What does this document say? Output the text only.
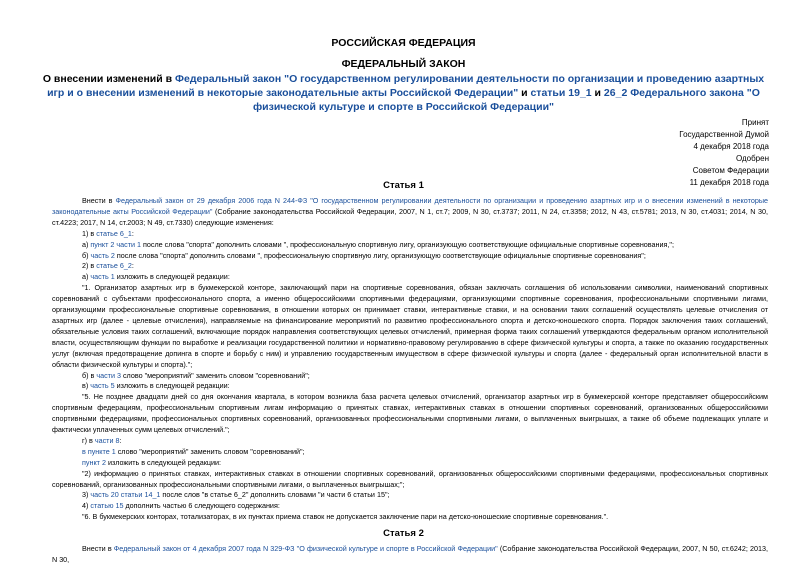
РОССИЙСКАЯ ФЕДЕРАЦИЯ
ФЕДЕРАЛЬНЫЙ ЗАКОН
О внесении изменений в Федеральный закон "О государственном регулировании деятельности по организации и проведению азартных игр и о внесении изменений в некоторые законодательные акты Российской Федерации" и статьи 19_1 и 26_2 Федерального закона "О физической культуре и спорте в Российской Федерации"
Принят
Государственной Думой
4 декабря 2018 года
Одобрен
Советом Федерации
11 декабря 2018 года
Статья 1

Внести в Федеральный закон от 29 декабря 2006 года N 244-ФЗ "О государственном регулировании деятельности по организации и проведению азартных игр и о внесении изменений в некоторые законодательные акты Российской Федерации" (Собрание законодательства Российской Федерации, 2007, N 1, ст.7; 2009, N 30, ст.3737; 2011, N 24, ст.3358; 2012, N 43, ст.5781; 2013, N 30, ст.4031; 2014, N 30, ст.4223; 2017, N 14, ст.2003; N 49, ст.7330) следующие изменения:

1) в статье 6_1:

а) пункт 2 части 1 после слова "спорта" дополнить словами ", профессиональную спортивную лигу, организующую соответствующие официальные спортивные соревнования,";

б) часть 2 после слова "спорта" дополнить словами ", профессиональную спортивную лигу, организующую соответствующие официальные спортивные соревнования";

2) в статье 6_2:

а) часть 1 изложить в следующей редакции:

"1. Организатор азартных игр в букмекерской конторе, заключающий пари на спортивные соревнования, обязан заключать соглашения об использовании символики, наименований спортивных соревнований с субъектами профессионального спорта, а именно общероссийскими спортивными федерациями, организующими спортивные соревнования, профессиональными спортивными лигами, организующими профессиональные спортивные соревнования, в отношении которых он принимает ставки, интерактивные ставки, и на основании таких соглашений осуществлять целевые отчисления от азартных игр (далее - целевые отчисления), направляемые на финансирование мероприятий по развитию профессионального спорта и детско-юношеского спорта. Порядок заключения таких соглашений, обязательные условия таких соглашений, включающие порядок направления соответствующих целевых отчислений, примерная форма таких соглашений утверждаются федеральным органом исполнительной власти, осуществляющим функции по выработке и реализации государственной политики и нормативно-правовому регулированию в сфере физической культуры и спорта, а также по оказанию государственных услуг (включая предотвращение допинга в спорте и борьбу с ним) и управлению государственным имуществом в сфере физической культуры и спорта (далее - федеральный орган исполнительной власти в области физической культуры и спорта).";

б) в части 3 слово "мероприятий" заменить словом "соревнований";

в) часть 5 изложить в следующей редакции:

"5. Не позднее двадцати дней со дня окончания квартала, в котором возникла база расчета целевых отчислений, организатор азартных игр в букмекерской конторе представляет общероссийским спортивным федерациям, профессиональным спортивным лигам информацию о принятых ставках, интерактивных ставках в отношении спортивных соревнований, организованных общероссийскими спортивными федерациями, профессиональных спортивных соревнований, организованных профессиональными спортивными лигами, о выплаченных выигрышах, а также об объеме подлежащих уплате и фактически уплаченных сумм целевых отчислений.";

г) в части 8:

в пункте 1 слово "мероприятий" заменить словом "соревнований";

пункт 2 изложить в следующей редакции:

"2) информацию о принятых ставках, интерактивных ставках в отношении спортивных соревнований, организованных общероссийскими спортивными федерациями, профессиональных спортивных соревнований, организованных профессиональными спортивными лигами, о выплаченных выигрышах;";

3) часть 20 статьи 14_1 после слов "в статье 6_2" дополнить словами "и части 6 статьи 15";

4) статью 15 дополнить частью 6 следующего содержания:

"6. В букмекерских конторах, тотализаторах, в их пунктах приема ставок не допускается заключение пари на детско-юношеские спортивные соревнования.".

Статья 2

Внести в Федеральный закон от 4 декабря 2007 года N 329-ФЗ "О физической культуре и спорте в Российской Федерации" (Собрание законодательства Российской Федерации, 2007, N 50, ст.6242; 2013, N 30,
